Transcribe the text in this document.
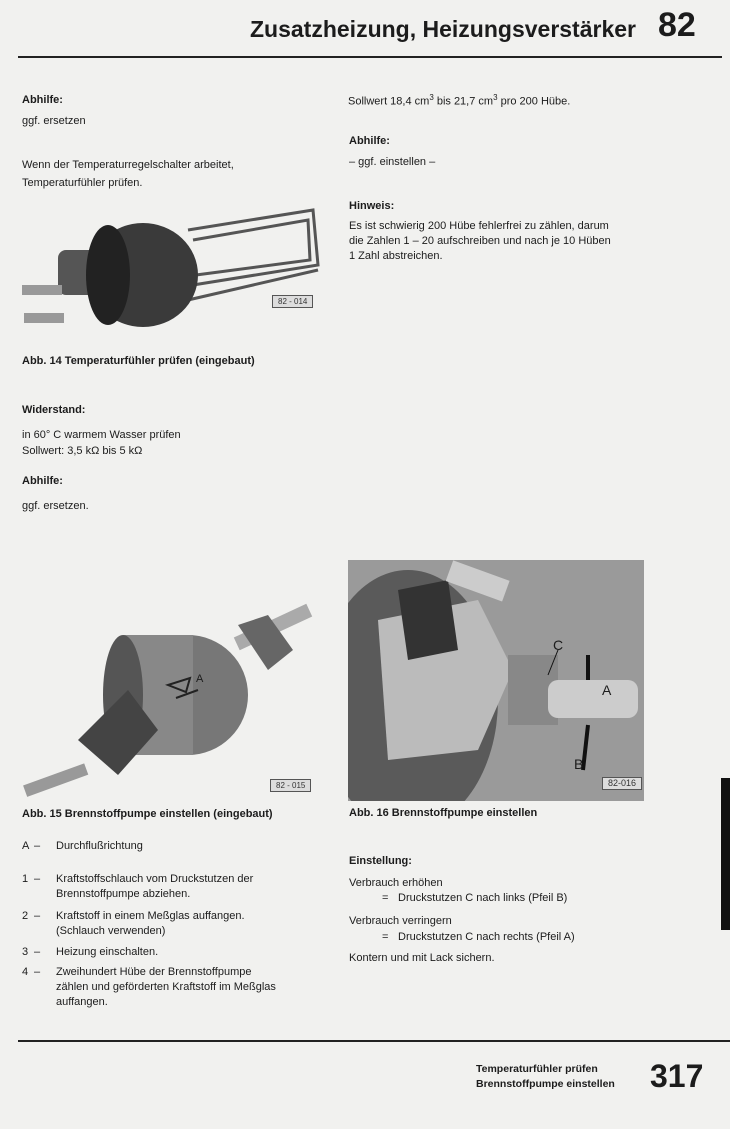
Zusatzheizung, Heizungsverstärker 82
Abhilfe:
ggf. ersetzen
Wenn der Temperaturregelschalter arbeitet,
Temperaturfühler prüfen.
82 - 014
Abb. 14 Temperaturfühler prüfen (eingebaut)
Widerstand:
in 60° C warmem Wasser prüfen
Sollwert: 3,5 kΩ bis 5 kΩ
Abhilfe:
ggf. ersetzen.
A
82 - 015
Abb. 15 Brennstoffpumpe einstellen (eingebaut)
A – Durchflußrichtung
1 – Kraftstoffschlauch vom Druckstutzen der
Brennstoffpumpe abziehen.
2 – Kraftstoff in einem Meßglas auffangen.
(Schlauch verwenden)
3 – Heizung einschalten.
4 – Zweihundert Hübe der Brennstoffpumpe
zählen und geförderten Kraftstoff im Meßglas
auffangen.
Sollwert 18,4 $cm^3$ bis 21,7 $cm^3$ pro 200 Hübe.
Abhilfe:
– ggf. einstellen –
Hinweis:
Es ist schwierig 200 Hübe fehlerfrei zu zählen, darum
die Zahlen 1 – 20 aufschreiben und nach je 10 Hüben
1 Zahl abstreichen.
C
A
B
82-016
Abb. 16 Brennstoffpumpe einstellen
Einstellung:
Verbrauch erhöhen
= Druckstutzen C nach links (Pfeil B)
Verbrauch verringern
= Druckstutzen C nach rechts (Pfeil A)
Kontern und mit Lack sichern.
Temperaturfühler prüfen
Brennstoffpumpe einstellen 317
